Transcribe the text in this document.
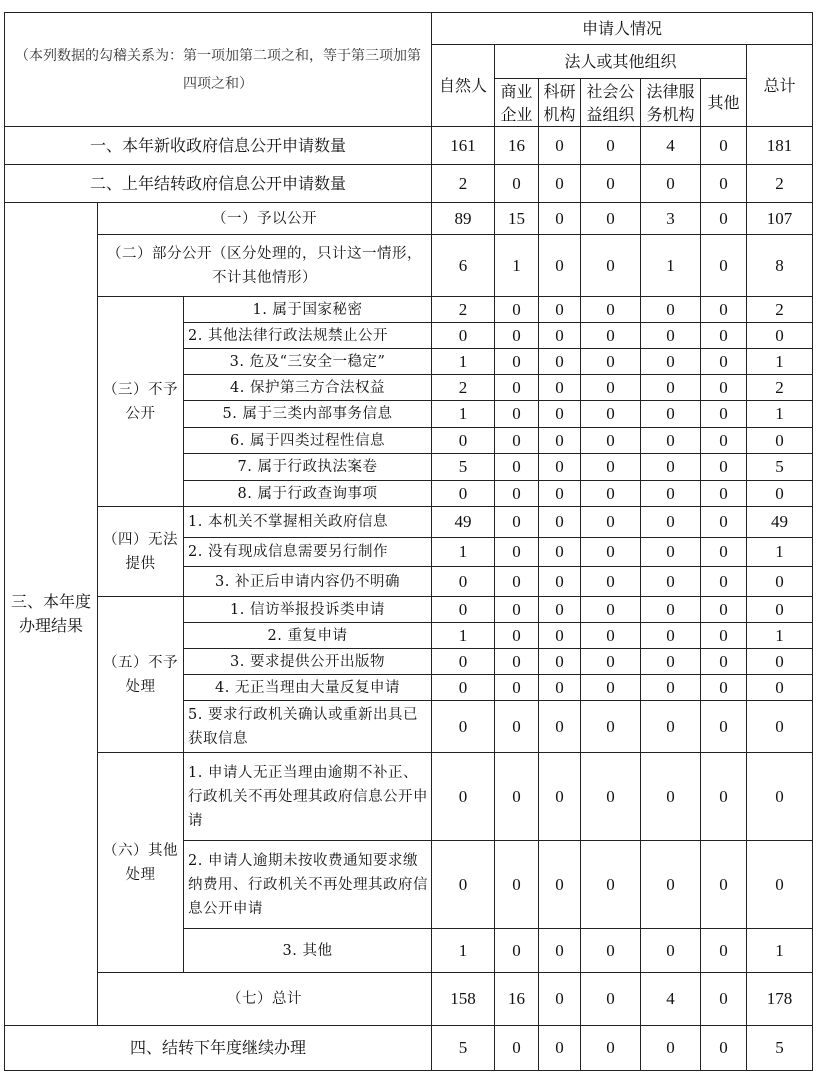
（本列数据的勾稽关系为：第一项加第二项之和，等于第三项加第四项之和）			申请人情况						
			自然人	法人或其他组织					总计
				商业企业	科研机构	社会公益组织	法律服务机构	其他	
一、本年新收政府信息公开申请数量			161	16	0	0	4	0	181
二、上年结转政府信息公开申请数量			2	0	0	0	0	0	2
三、本年度办理结果	（一）予以公开		89	15	0	0	3	0	107
	（二）部分公开（区分处理的，只计这一情形，不计其他情形）		6	1	0	0	1	0	8
	（三）不予公开	1. 属于国家秘密	2	0	0	0	0	0	2
		2. 其他法律行政法规禁止公开	0	0	0	0	0	0	0
		3. 危及“三安全一稳定”	1	0	0	0	0	0	1
		4. 保护第三方合法权益	2	0	0	0	0	0	2
		5. 属于三类内部事务信息	1	0	0	0	0	0	1
		6. 属于四类过程性信息	0	0	0	0	0	0	0
		7. 属于行政执法案卷	5	0	0	0	0	0	5
		8. 属于行政查询事项	0	0	0	0	0	0	0
	（四）无法提供	1. 本机关不掌握相关政府信息	49	0	0	0	0	0	49
		2. 没有现成信息需要另行制作	1	0	0	0	0	0	1
		3. 补正后申请内容仍不明确	0	0	0	0	0	0	0
	（五）不予处理	1. 信访举报投诉类申请	0	0	0	0	0	0	0
		2. 重复申请	1	0	0	0	0	0	1
		3. 要求提供公开出版物	0	0	0	0	0	0	0
		4. 无正当理由大量反复申请	0	0	0	0	0	0	0
		5. 要求行政机关确认或重新出具已获取信息	0	0	0	0	0	0	0
	（六）其他处理	1. 申请人无正当理由逾期不补正、行政机关不再处理其政府信息公开申请	0	0	0	0	0	0	0
		2. 申请人逾期未按收费通知要求缴纳费用、行政机关不再处理其政府信息公开申请	0	0	0	0	0	0	0
		3. 其他	1	0	0	0	0	0	1
	（七）总计		158	16	0	0	4	0	178
四、结转下年度继续办理			5	0	0	0	0	0	5
